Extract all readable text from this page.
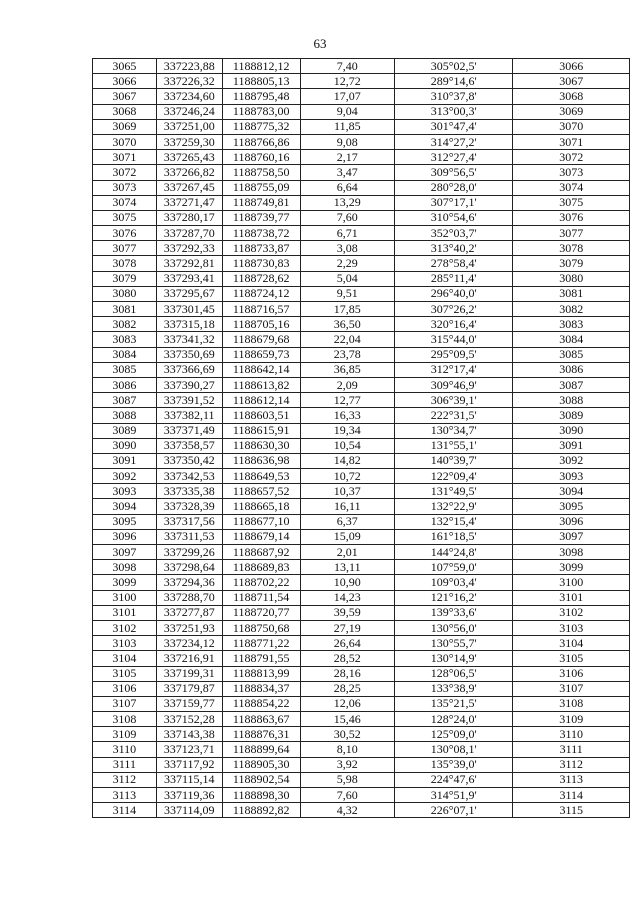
63
3065	337223,88	1188812,12	7,40	305°02,5'	3066
3066	337226,32	1188805,13	12,72	289°14,6'	3067
3067	337234,60	1188795,48	17,07	310°37,8'	3068
3068	337246,24	1188783,00	9,04	313°00,3'	3069
3069	337251,00	1188775,32	11,85	301°47,4'	3070
3070	337259,30	1188766,86	9,08	314°27,2'	3071
3071	337265,43	1188760,16	2,17	312°27,4'	3072
3072	337266,82	1188758,50	3,47	309°56,5'	3073
3073	337267,45	1188755,09	6,64	280°28,0'	3074
3074	337271,47	1188749,81	13,29	307°17,1'	3075
3075	337280,17	1188739,77	7,60	310°54,6'	3076
3076	337287,70	1188738,72	6,71	352°03,7'	3077
3077	337292,33	1188733,87	3,08	313°40,2'	3078
3078	337292,81	1188730,83	2,29	278°58,4'	3079
3079	337293,41	1188728,62	5,04	285°11,4'	3080
3080	337295,67	1188724,12	9,51	296°40,0'	3081
3081	337301,45	1188716,57	17,85	307°26,2'	3082
3082	337315,18	1188705,16	36,50	320°16,4'	3083
3083	337341,32	1188679,68	22,04	315°44,0'	3084
3084	337350,69	1188659,73	23,78	295°09,5'	3085
3085	337366,69	1188642,14	36,85	312°17,4'	3086
3086	337390,27	1188613,82	2,09	309°46,9'	3087
3087	337391,52	1188612,14	12,77	306°39,1'	3088
3088	337382,11	1188603,51	16,33	222°31,5'	3089
3089	337371,49	1188615,91	19,34	130°34,7'	3090
3090	337358,57	1188630,30	10,54	131°55,1'	3091
3091	337350,42	1188636,98	14,82	140°39,7'	3092
3092	337342,53	1188649,53	10,72	122°09,4'	3093
3093	337335,38	1188657,52	10,37	131°49,5'	3094
3094	337328,39	1188665,18	16,11	132°22,9'	3095
3095	337317,56	1188677,10	6,37	132°15,4'	3096
3096	337311,53	1188679,14	15,09	161°18,5'	3097
3097	337299,26	1188687,92	2,01	144°24,8'	3098
3098	337298,64	1188689,83	13,11	107°59,0'	3099
3099	337294,36	1188702,22	10,90	109°03,4'	3100
3100	337288,70	1188711,54	14,23	121°16,2'	3101
3101	337277,87	1188720,77	39,59	139°33,6'	3102
3102	337251,93	1188750,68	27,19	130°56,0'	3103
3103	337234,12	1188771,22	26,64	130°55,7'	3104
3104	337216,91	1188791,55	28,52	130°14,9'	3105
3105	337199,31	1188813,99	28,16	128°06,5'	3106
3106	337179,87	1188834,37	28,25	133°38,9'	3107
3107	337159,77	1188854,22	12,06	135°21,5'	3108
3108	337152,28	1188863,67	15,46	128°24,0'	3109
3109	337143,38	1188876,31	30,52	125°09,0'	3110
3110	337123,71	1188899,64	8,10	130°08,1'	3111
3111	337117,92	1188905,30	3,92	135°39,0'	3112
3112	337115,14	1188902,54	5,98	224°47,6'	3113
3113	337119,36	1188898,30	7,60	314°51,9'	3114
3114	337114,09	1188892,82	4,32	226°07,1'	3115
